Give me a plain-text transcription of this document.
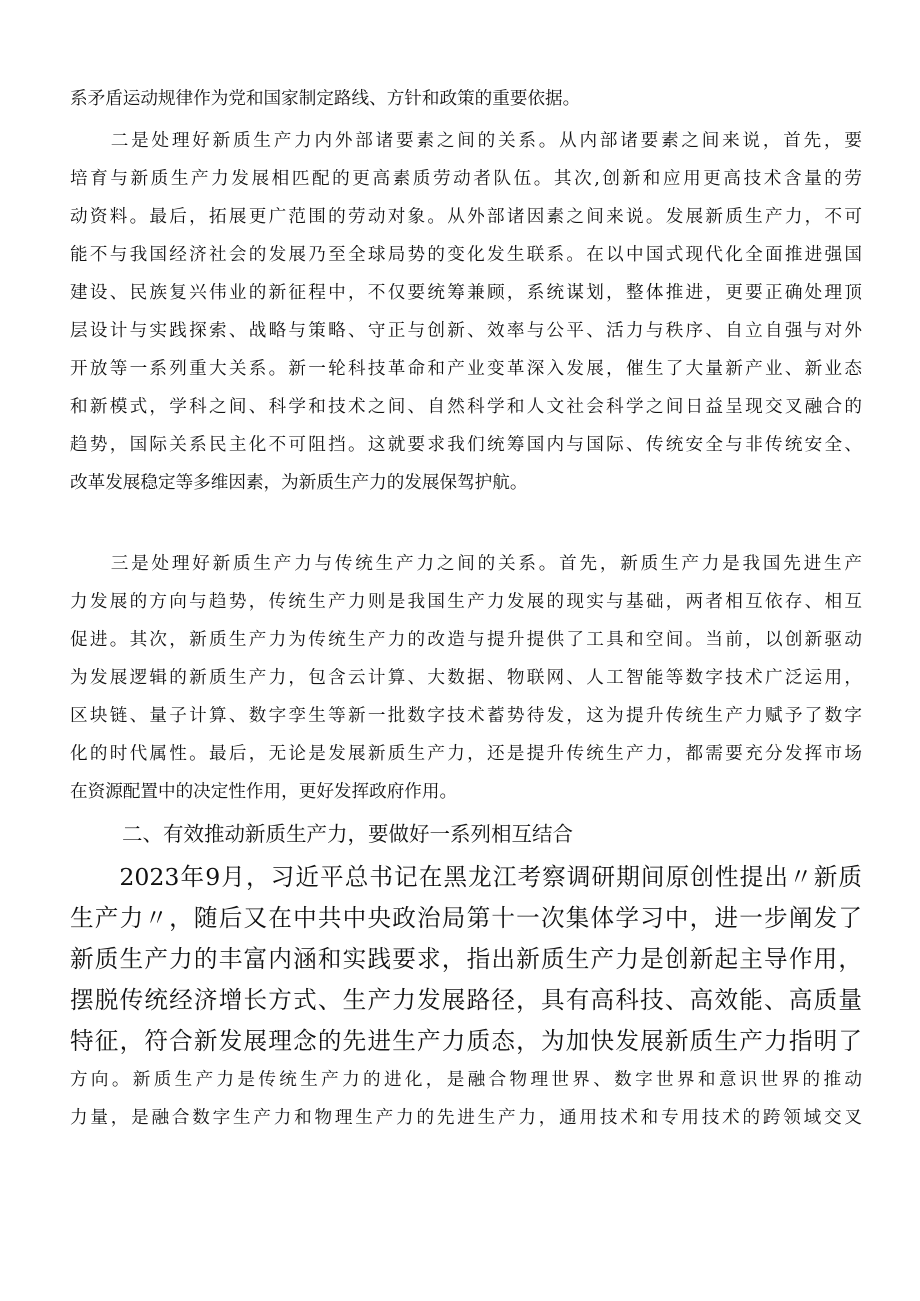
系矛盾运动规律作为党和国家制定路线、方针和政策的重要依据。
　　二是处理好新质生产力内外部诸要素之间的关系。从内部诸要素之间来说，首先，要
培育与新质生产力发展相匹配的更高素质劳动者队伍。其次,创新和应用更高技术含量的劳
动资料。最后，拓展更广范围的劳动对象。从外部诸因素之间来说。发展新质生产力，不可
能不与我国经济社会的发展乃至全球局势的变化发生联系。在以中国式现代化全面推进强国
建设、民族复兴伟业的新征程中，不仅要统筹兼顾，系统谋划，整体推进，更要正确处理顶
层设计与实践探索、战略与策略、守正与创新、效率与公平、活力与秩序、自立自强与对外
开放等一系列重大关系。新一轮科技革命和产业变革深入发展，催生了大量新产业、新业态
和新模式，学科之间、科学和技术之间、自然科学和人文社会科学之间日益呈现交叉融合的
趋势，国际关系民主化不可阻挡。这就要求我们统筹国内与国际、传统安全与非传统安全、
改革发展稳定等多维因素，为新质生产力的发展保驾护航。
　　三是处理好新质生产力与传统生产力之间的关系。首先，新质生产力是我国先进生产
力发展的方向与趋势，传统生产力则是我国生产力发展的现实与基础，两者相互依存、相互
促进。其次，新质生产力为传统生产力的改造与提升提供了工具和空间。当前，以创新驱动
为发展逻辑的新质生产力，包含云计算、大数据、物联网、人工智能等数字技术广泛运用，
区块链、量子计算、数字孪生等新一批数字技术蓄势待发，这为提升传统生产力赋予了数字
化的时代属性。最后，无论是发展新质生产力，还是提升传统生产力，都需要充分发挥市场
在资源配置中的决定性作用，更好发挥政府作用。
二、有效推动新质生产力，要做好一系列相互结合
　　2023年9月，习近平总书记在黑龙江考察调研期间原创性提出〃新质
生产力〃，随后又在中共中央政治局第十一次集体学习中，进一步阐发了
新质生产力的丰富内涵和实践要求，指出新质生产力是创新起主导作用，
摆脱传统经济增长方式、生产力发展路径，具有高科技、高效能、高质量
特征，符合新发展理念的先进生产力质态，为加快发展新质生产力指明了
方向。新质生产力是传统生产力的进化，是融合物理世界、数字世界和意识世界的推动
力量，是融合数字生产力和物理生产力的先进生产力，通用技术和专用技术的跨领域交叉
